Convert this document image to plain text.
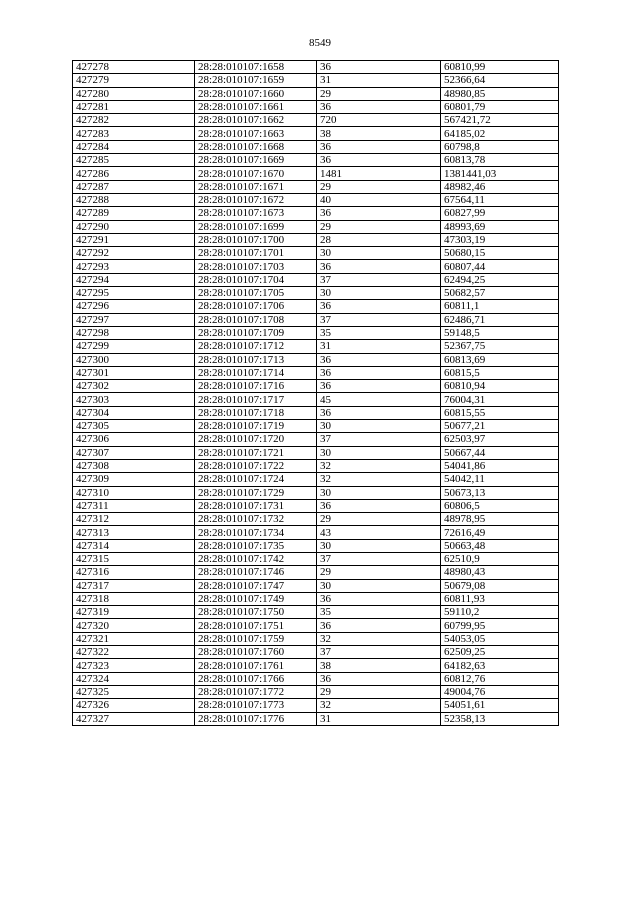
8549
427278	28:28:010107:1658	36	60810,99
427279	28:28:010107:1659	31	52366,64
427280	28:28:010107:1660	29	48980,85
427281	28:28:010107:1661	36	60801,79
427282	28:28:010107:1662	720	567421,72
427283	28:28:010107:1663	38	64185,02
427284	28:28:010107:1668	36	60798,8
427285	28:28:010107:1669	36	60813,78
427286	28:28:010107:1670	1481	1381441,03
427287	28:28:010107:1671	29	48982,46
427288	28:28:010107:1672	40	67564,11
427289	28:28:010107:1673	36	60827,99
427290	28:28:010107:1699	29	48993,69
427291	28:28:010107:1700	28	47303,19
427292	28:28:010107:1701	30	50680,15
427293	28:28:010107:1703	36	60807,44
427294	28:28:010107:1704	37	62494,25
427295	28:28:010107:1705	30	50682,57
427296	28:28:010107:1706	36	60811,1
427297	28:28:010107:1708	37	62486,71
427298	28:28:010107:1709	35	59148,5
427299	28:28:010107:1712	31	52367,75
427300	28:28:010107:1713	36	60813,69
427301	28:28:010107:1714	36	60815,5
427302	28:28:010107:1716	36	60810,94
427303	28:28:010107:1717	45	76004,31
427304	28:28:010107:1718	36	60815,55
427305	28:28:010107:1719	30	50677,21
427306	28:28:010107:1720	37	62503,97
427307	28:28:010107:1721	30	50667,44
427308	28:28:010107:1722	32	54041,86
427309	28:28:010107:1724	32	54042,11
427310	28:28:010107:1729	30	50673,13
427311	28:28:010107:1731	36	60806,5
427312	28:28:010107:1732	29	48978,95
427313	28:28:010107:1734	43	72616,49
427314	28:28:010107:1735	30	50663,48
427315	28:28:010107:1742	37	62510,9
427316	28:28:010107:1746	29	48980,43
427317	28:28:010107:1747	30	50679,08
427318	28:28:010107:1749	36	60811,93
427319	28:28:010107:1750	35	59110,2
427320	28:28:010107:1751	36	60799,95
427321	28:28:010107:1759	32	54053,05
427322	28:28:010107:1760	37	62509,25
427323	28:28:010107:1761	38	64182,63
427324	28:28:010107:1766	36	60812,76
427325	28:28:010107:1772	29	49004,76
427326	28:28:010107:1773	32	54051,61
427327	28:28:010107:1776	31	52358,13
